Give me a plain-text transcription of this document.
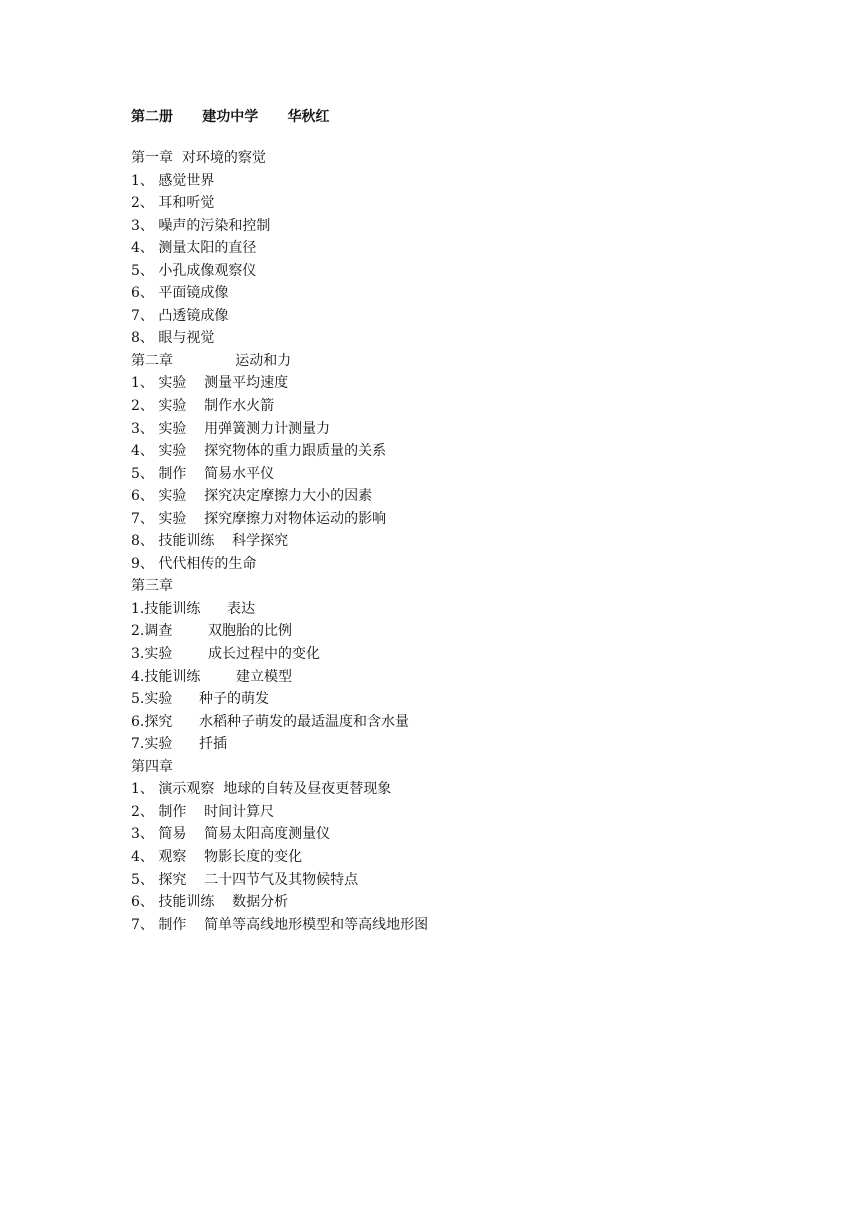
第二册      建功中学      华秋红
第一章  对环境的察觉
1、 感觉世界
2、 耳和听觉
3、 噪声的污染和控制
4、 测量太阳的直径
5、 小孔成像观察仪
6、 平面镜成像
7、 凸透镜成像
8、 眼与视觉
第二章              运动和力
1、 实验    测量平均速度
2、 实验    制作水火箭
3、 实验    用弹簧测力计测量力
4、 实验    探究物体的重力跟质量的关系
5、 制作    简易水平仪
6、 实验    探究决定摩擦力大小的因素
7、 实验    探究摩擦力对物体运动的影响
8、 技能训练    科学探究
9、 代代相传的生命
第三章
1.技能训练      表达
2.调查        双胞胎的比例
3.实验        成长过程中的变化
4.技能训练        建立模型
5.实验      种子的萌发
6.探究      水稻种子萌发的最适温度和含水量
7.实验      扦插
第四章
1、 演示观察  地球的自转及昼夜更替现象
2、 制作    时间计算尺
3、 简易    简易太阳高度测量仪
4、 观察    物影长度的变化
5、 探究    二十四节气及其物候特点
6、 技能训练    数据分析
7、 制作    简单等高线地形模型和等高线地形图
